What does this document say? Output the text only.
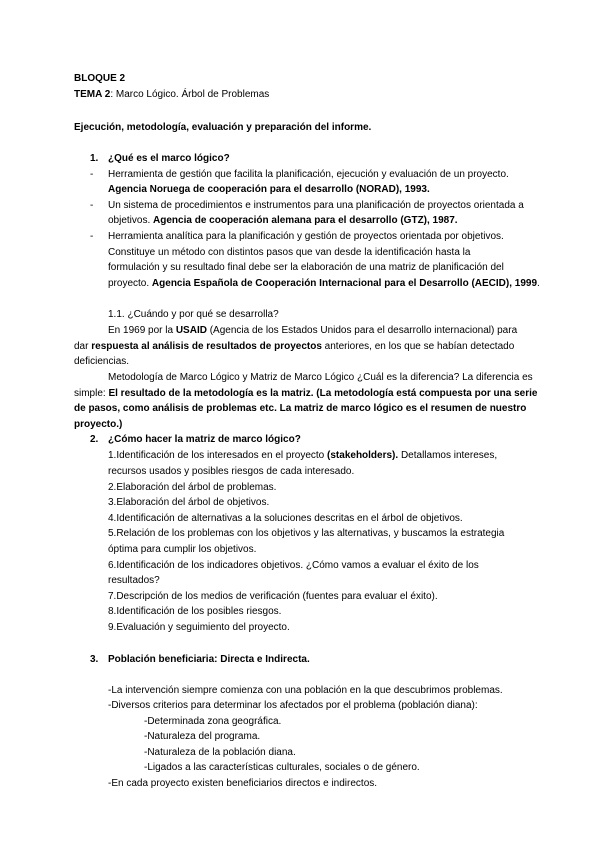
BLOQUE 2
TEMA 2: Marco Lógico. Árbol de Problemas
Ejecución, metodología, evaluación y preparación del informe.
1. ¿Qué es el marco lógico?
- Herramienta de gestión que facilita la planificación, ejecución y evaluación de un proyecto.
Agencia Noruega de cooperación para el desarrollo (NORAD), 1993.
- Un sistema de procedimientos e instrumentos para una planificación de proyectos orientada a
objetivos. Agencia de cooperación alemana para el desarrollo (GTZ), 1987.
- Herramienta analítica para la planificación y gestión de proyectos orientada por objetivos.
Constituye un método con distintos pasos que van desde la identificación hasta la
formulación y su resultado final debe ser la elaboración de una matriz de planificación del
proyecto. Agencia Española de Cooperación Internacional para el Desarrollo (AECID), 1999.
1.1. ¿Cuándo y por qué se desarrolla?
En 1969 por la USAID (Agencia de los Estados Unidos para el desarrollo internacional) para
dar respuesta al análisis de resultados de proyectos anteriores, en los que se habían detectado
deficiencias.
Metodología de Marco Lógico y Matriz de Marco Lógico ¿Cuál es la diferencia? La diferencia es
simple: El resultado de la metodología es la matriz. (La metodología está compuesta por una serie
de pasos, como análisis de problemas etc. La matriz de marco lógico es el resumen de nuestro
proyecto.)
2. ¿Cómo hacer la matriz de marco lógico?
1.Identificación de los interesados en el proyecto (stakeholders). Detallamos intereses,
recursos usados y posibles riesgos de cada interesado.
2.Elaboración del árbol de problemas.
3.Elaboración del árbol de objetivos.
4.Identificación de alternativas a la soluciones descritas en el árbol de objetivos.
5.Relación de los problemas con los objetivos y las alternativas, y buscamos la estrategia
óptima para cumplir los objetivos.
6.Identificación de los indicadores objetivos. ¿Cómo vamos a evaluar el éxito de los
resultados?
7.Descripción de los medios de verificación (fuentes para evaluar el éxito).
8.Identificación de los posibles riesgos.
9.Evaluación y seguimiento del proyecto.
3. Población beneficiaria: Directa e Indirecta.
-La intervención siempre comienza con una población en la que descubrimos problemas.
-Diversos criterios para determinar los afectados por el problema (población diana):
-Determinada zona geográfica.
-Naturaleza del programa.
-Naturaleza de la población diana.
-Ligados a las características culturales, sociales o de género.
-En cada proyecto existen beneficiarios directos e indirectos.
